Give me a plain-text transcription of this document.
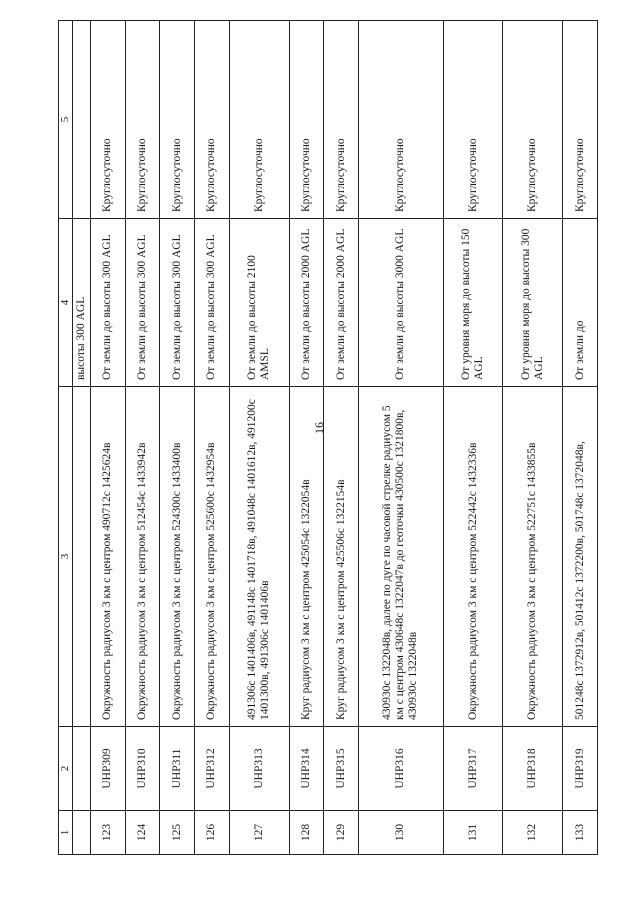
16
1	2	3	4	5
			высоты 300 AGL	
123	UHP309	Окружность радиусом 3 км с центром 490712с 1425624в	От земли до высоты 300 AGL	Круглосуточно
124	UHP310	Окружность радиусом 3 км с центром 512454с 1433942в	От земли до высоты 300 AGL	Круглосуточно
125	UHP311	Окружность радиусом 3 км с центром 524300с 1433400в	От земли до высоты 300 AGL	Круглосуточно
126	UHP312	Окружность радиусом 3 км с центром 525600с 1432954в	От земли до высоты 300 AGL	Круглосуточно
127	UHP313	491306с 1401406в, 491148с 1401718в, 491048с 1401612в, 491200с 1401300в, 491306с 1401406в	От земли до высоты 2100 AMSL	Круглосуточно
128	UHP314	Круг радиусом 3 км с центром 425054с 1322054в	От земли до высоты 2000 AGL	Круглосуточно
129	UHP315	Круг радиусом 3 км с центром 425506с 1322154в	От земли до высоты 2000 AGL	Круглосуточно
130	UHP316	430930с 1322048в, далее по дуге по часовой стрелке радиусом 5 км с центром 430648с 1322047в до геоточки 430500с 1321800в, 430930с 1322048в	От земли до высоты 3000 AGL	Круглосуточно
131	UHP317	Окружность радиусом 3 км с центром 522442с 1432336в	От уровня моря до высоты 150 AGL	Круглосуточно
132	UHP318	Окружность радиусом 3 км с центром 522751с 1433855в	От уровня моря до высоты 300 AGL	Круглосуточно
133	UHP319	501248с 1372912в, 501412с 1372200в, 501748с 1372048в,	От земли до	Круглосуточно
